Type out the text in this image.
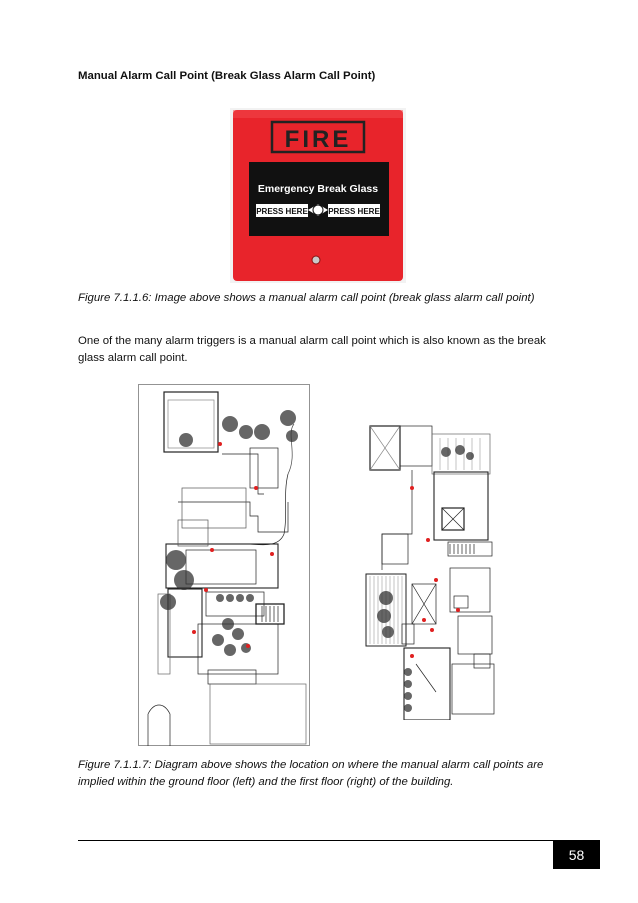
Manual Alarm Call Point (Break Glass Alarm Call Point)

FIRE
Emergency Break Glass
PRESS HERE	PRESS HERE

Figure 7.1.1.6: Image above shows a manual alarm call point (break glass alarm call point)

One of the many alarm triggers is a manual alarm call point which is also known as the break glass alarm call point.

Figure 7.1.1.7: Diagram above shows the location on where the manual alarm call points are implied within the ground floor (left) and the first floor (right) of the building.

58
